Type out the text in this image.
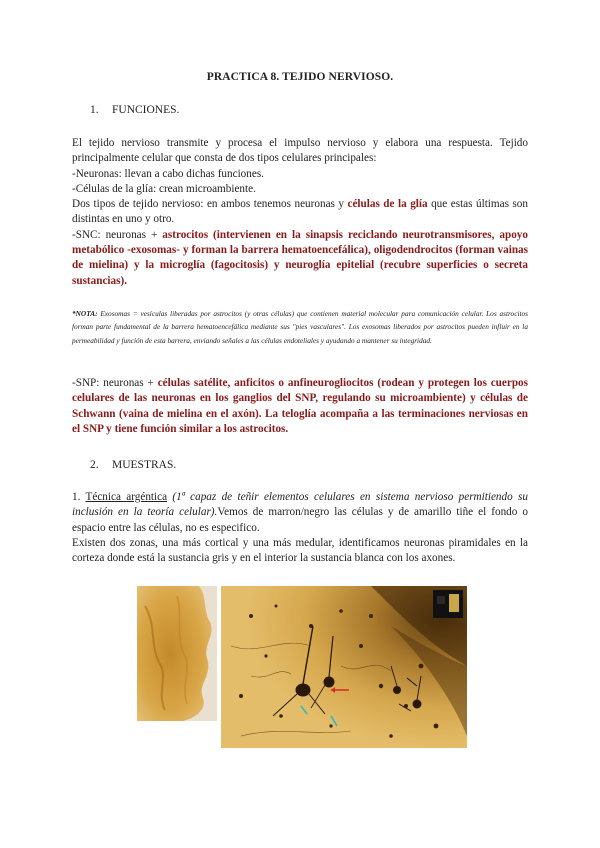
PRACTICA 8. TEJIDO NERVIOSO.
1. FUNCIONES.
El tejido nervioso transmite y procesa el impulso nervioso y elabora una respuesta. Tejido principalmente celular que consta de dos tipos celulares principales:
-Neuronas: llevan a cabo dichas funciones.
-Células de la glía: crean microambiente.
Dos tipos de tejido nervioso: en ambos tenemos neuronas y células de la glía que estas últimas son distintas en uno y otro.
-SNC: neuronas + astrocitos (intervienen en la sinapsis reciclando neurotransmisores, apoyo metabólico -exosomas- y forman la barrera hematoencefálica), oligodendrocitos (forman vainas de mielina) y la microglía (fagocitosis) y neuroglía epitelial (recubre superficies o secreta sustancias).
*NOTA: Exosomas = vesículas liberadas por astrocitos (y otras células) que contienen material molecular para comunicación celular. Los astrocitos forman parte fundamental de la barrera hematoencefálica mediante sus "pies vasculares". Los exosomas liberados por astrocitos pueden influir en la permeabilidad y función de esta barrera, enviando señales a las células endoteliales y ayudando a mantener su integridad.
-SNP: neuronas + células satélite, anficitos o anfineurogliocitos (rodean y protegen los cuerpos celulares de las neuronas en los ganglios del SNP, regulando su microambiente) y células de Schwann (vaina de mielina en el axón). La teloglía acompaña a las terminaciones nerviosas en el SNP y tiene función similar a los astrocitos.
2. MUESTRAS.
1. Técnica argéntica (1ª capaz de teñir elementos celulares en sistema nervioso permitiendo su inclusión en la teoría celular).Vemos de marron/negro las células y de amarillo tiñe el fondo o espacio entre las células, no es especifico.
Existen dos zonas, una más cortical y una más medular, identificamos neuronas piramidales en la corteza donde está la sustancia gris y en el interior la sustancia blanca con los axones.
